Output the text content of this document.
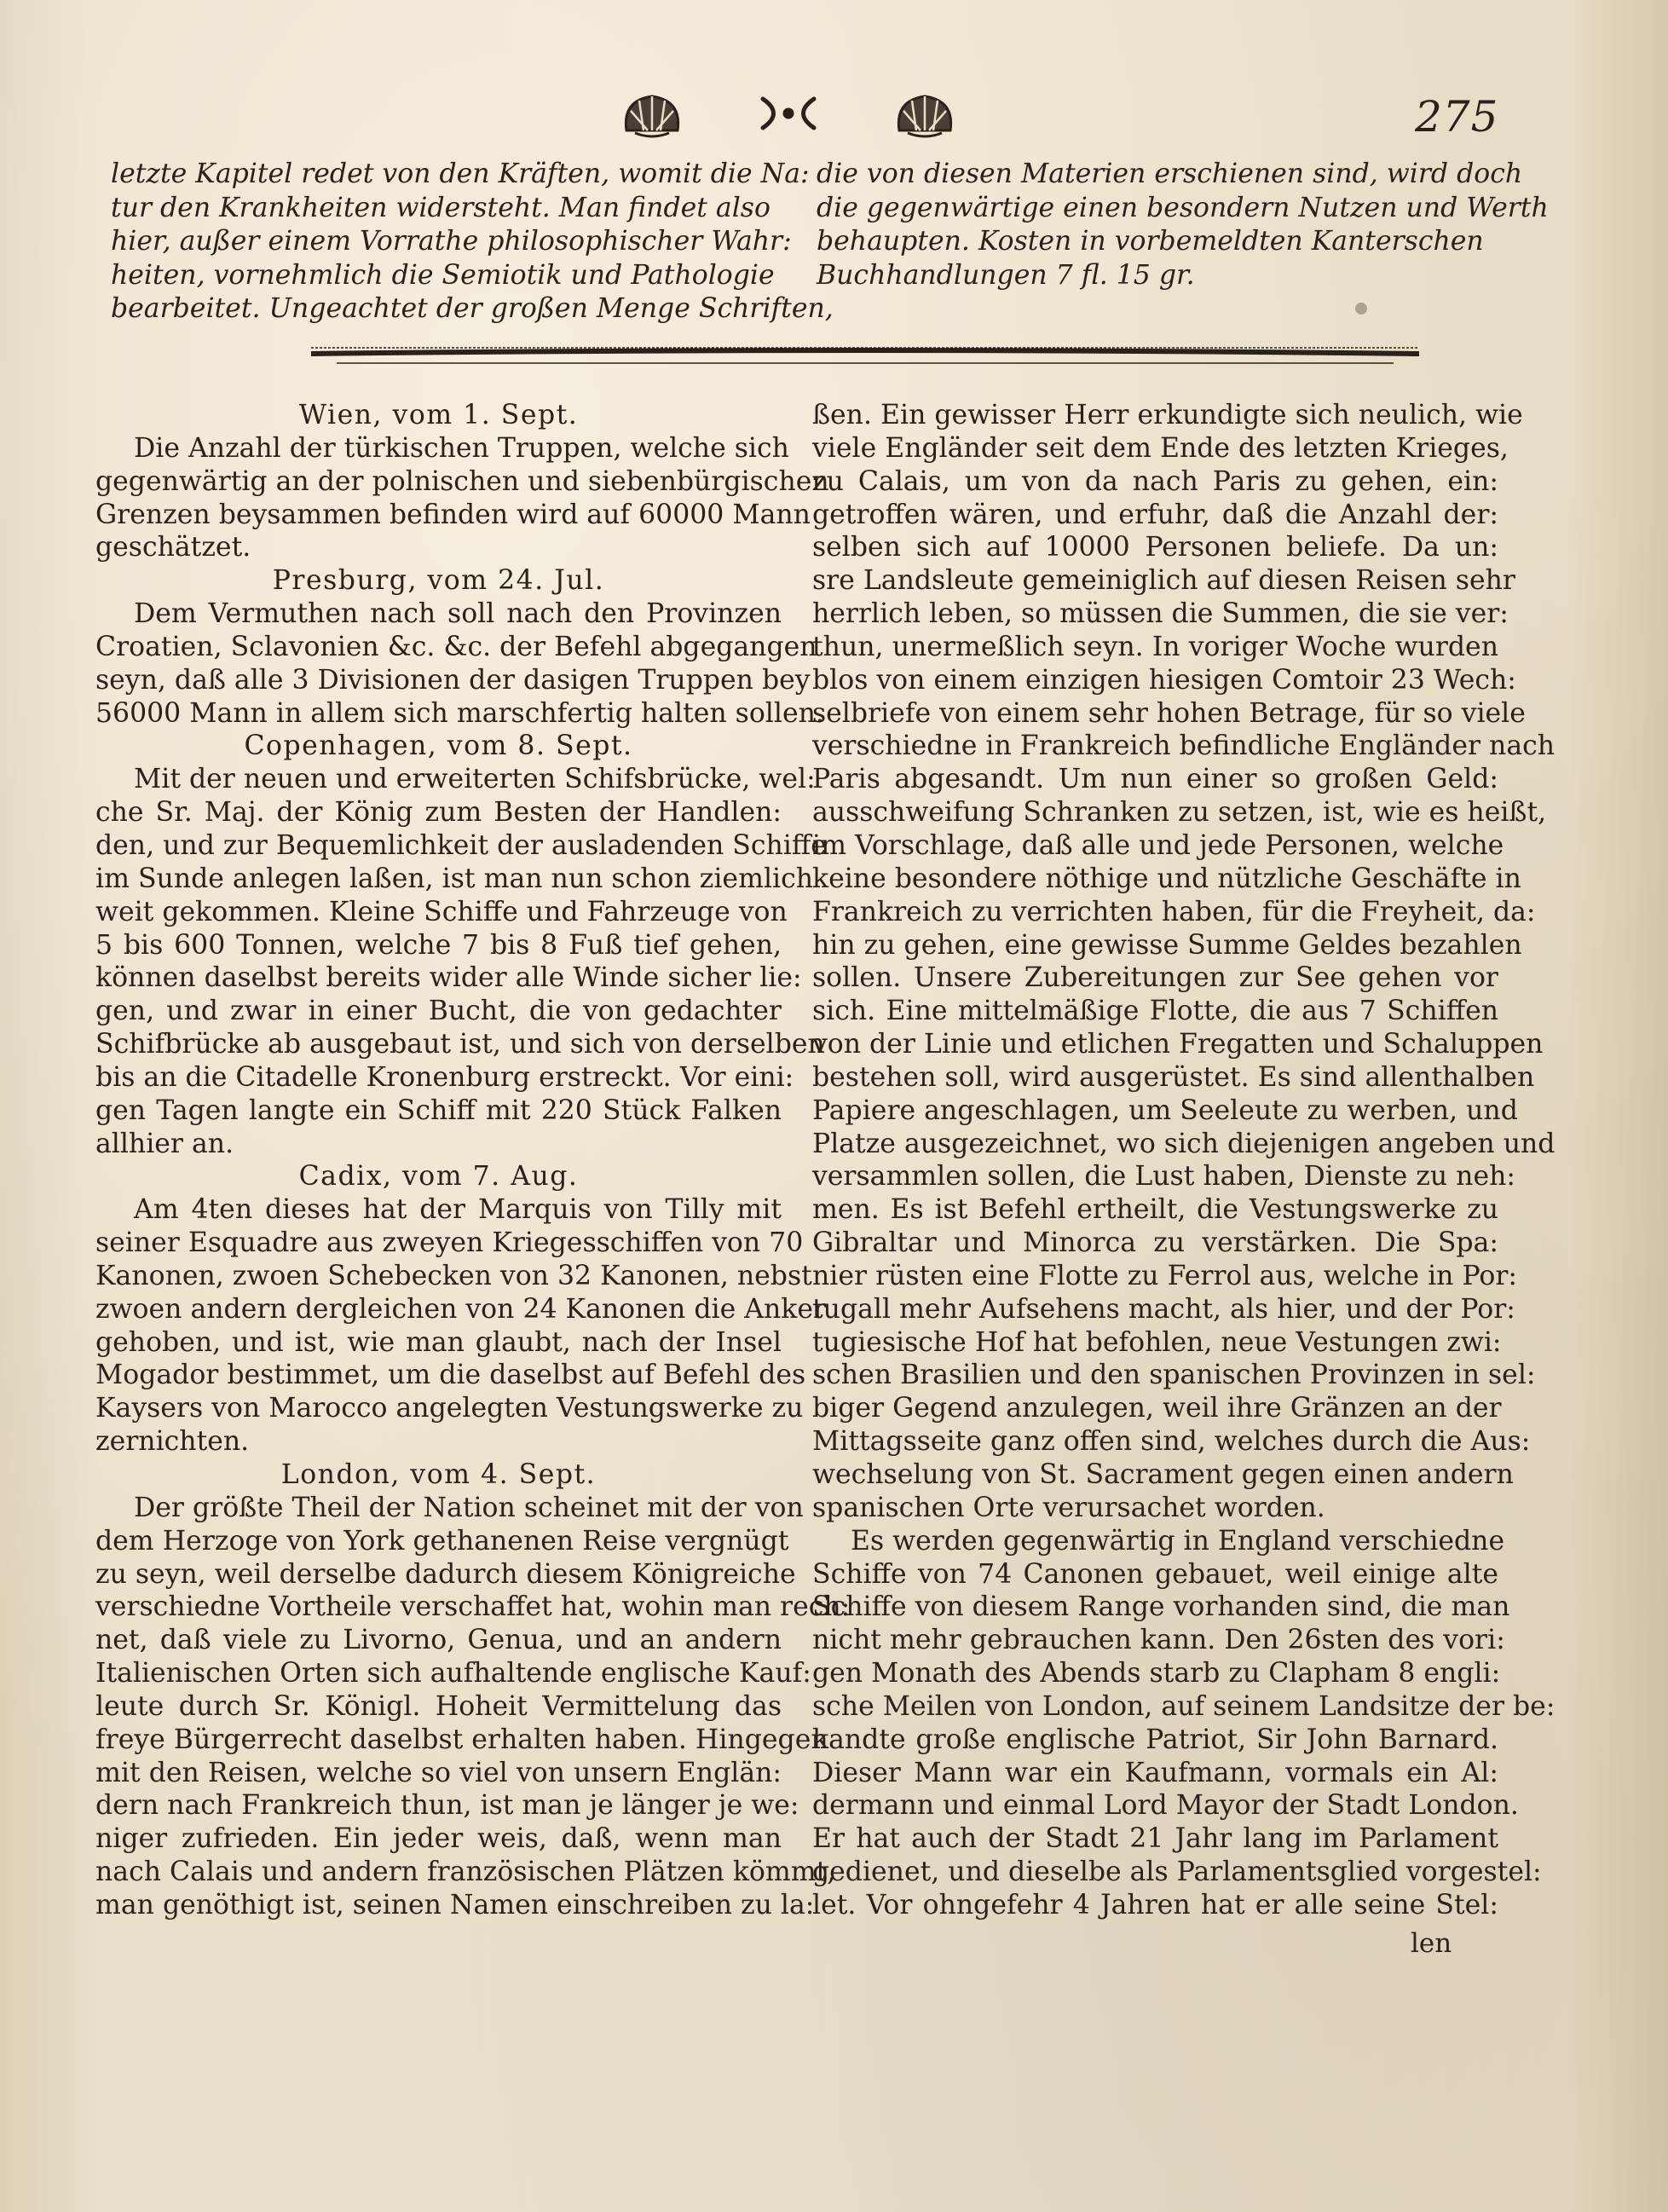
275

letzte Kapitel redet von den Kräften, womit die Na:

tur den Krankheiten widersteht. Man findet also

hier, außer einem Vorrathe philosophischer Wahr:

heiten, vornehmlich die Semiotik und Pathologie

bearbeitet. Ungeachtet der großen Menge Schriften,

die von diesen Materien erschienen sind, wird doch

die gegenwärtige einen besondern Nutzen und Werth

behaupten. Kosten in vorbemeldten Kanterschen

Buchhandlungen 7 fl. 15 gr.

Wien, vom 1. Sept.
Die Anzahl der türkischen Truppen, welche sich
gegenwärtig an der polnischen und siebenbürgischen
Grenzen beysammen befinden wird auf 60000 Mann
geschätzet.
Presburg, vom 24. Jul.
Dem Vermuthen nach soll nach den Provinzen
Croatien, Sclavonien &c. &c. der Befehl abgegangen
seyn, daß alle 3 Divisionen der dasigen Truppen bey
56000 Mann in allem sich marschfertig halten sollen.
Copenhagen, vom 8. Sept.
Mit der neuen und erweiterten Schifsbrücke, wel:
che Sr. Maj. der König zum Besten der Handlen:
den, und zur Bequemlichkeit der ausladenden Schiffe
im Sunde anlegen laßen, ist man nun schon ziemlich
weit gekommen. Kleine Schiffe und Fahrzeuge von
5 bis 600 Tonnen, welche 7 bis 8 Fuß tief gehen,
können daselbst bereits wider alle Winde sicher lie:
gen, und zwar in einer Bucht, die von gedachter
Schifbrücke ab ausgebaut ist, und sich von derselben
bis an die Citadelle Kronenburg erstreckt. Vor eini:
gen Tagen langte ein Schiff mit 220 Stück Falken
allhier an.
Cadix, vom 7. Aug.
Am 4ten dieses hat der Marquis von Tilly mit
seiner Esquadre aus zweyen Kriegesschiffen von 70
Kanonen, zwoen Schebecken von 32 Kanonen, nebst
zwoen andern dergleichen von 24 Kanonen die Anker
gehoben, und ist, wie man glaubt, nach der Insel
Mogador bestimmet, um die daselbst auf Befehl des
Kaysers von Marocco angelegten Vestungswerke zu
zernichten.
London, vom 4. Sept.
Der größte Theil der Nation scheinet mit der von
dem Herzoge von York gethanenen Reise vergnügt
zu seyn, weil derselbe dadurch diesem Königreiche
verschiedne Vortheile verschaffet hat, wohin man rech:
net, daß viele zu Livorno, Genua, und an andern
Italienischen Orten sich aufhaltende englische Kauf:
leute durch Sr. Königl. Hoheit Vermittelung das
freye Bürgerrecht daselbst erhalten haben. Hingegen
mit den Reisen, welche so viel von unsern Englän:
dern nach Frankreich thun, ist man je länger je we:
niger zufrieden. Ein jeder weis, daß, wenn man
nach Calais und andern französischen Plätzen kömmt,
man genöthigt ist, seinen Namen einschreiben zu la:
ßen. Ein gewisser Herr erkundigte sich neulich, wie
viele Engländer seit dem Ende des letzten Krieges,
zu Calais, um von da nach Paris zu gehen, ein:
getroffen wären, und erfuhr, daß die Anzahl der:
selben sich auf 10000 Personen beliefe. Da un:
sre Landsleute gemeiniglich auf diesen Reisen sehr
herrlich leben, so müssen die Summen, die sie ver:
thun, unermeßlich seyn. In voriger Woche wurden
blos von einem einzigen hiesigen Comtoir 23 Wech:
selbriefe von einem sehr hohen Betrage, für so viele
verschiedne in Frankreich befindliche Engländer nach
Paris abgesandt. Um nun einer so großen Geld:
ausschweifung Schranken zu setzen, ist, wie es heißt,
im Vorschlage, daß alle und jede Personen, welche
keine besondere nöthige und nützliche Geschäfte in
Frankreich zu verrichten haben, für die Freyheit, da:
hin zu gehen, eine gewisse Summe Geldes bezahlen
sollen. Unsere Zubereitungen zur See gehen vor
sich. Eine mittelmäßige Flotte, die aus 7 Schiffen
von der Linie und etlichen Fregatten und Schaluppen
bestehen soll, wird ausgerüstet. Es sind allenthalben
Papiere angeschlagen, um Seeleute zu werben, und
Platze ausgezeichnet, wo sich diejenigen angeben und
versammlen sollen, die Lust haben, Dienste zu neh:
men. Es ist Befehl ertheilt, die Vestungswerke zu
Gibraltar und Minorca zu verstärken. Die Spa:
nier rüsten eine Flotte zu Ferrol aus, welche in Por:
tugall mehr Aufsehens macht, als hier, und der Por:
tugiesische Hof hat befohlen, neue Vestungen zwi:
schen Brasilien und den spanischen Provinzen in sel:
biger Gegend anzulegen, weil ihre Gränzen an der
Mittagsseite ganz offen sind, welches durch die Aus:
wechselung von St. Sacrament gegen einen andern
spanischen Orte verursachet worden.
Es werden gegenwärtig in England verschiedne
Schiffe von 74 Canonen gebauet, weil einige alte
Schiffe von diesem Range vorhanden sind, die man
nicht mehr gebrauchen kann. Den 26sten des vori:
gen Monath des Abends starb zu Clapham 8 engli:
sche Meilen von London, auf seinem Landsitze der be:
kandte große englische Patriot, Sir John Barnard.
Dieser Mann war ein Kaufmann, vormals ein Al:
dermann und einmal Lord Mayor der Stadt London.
Er hat auch der Stadt 21 Jahr lang im Parlament
gedienet, und dieselbe als Parlamentsglied vorgestel:
let. Vor ohngefehr 4 Jahren hat er alle seine Stel:
len
